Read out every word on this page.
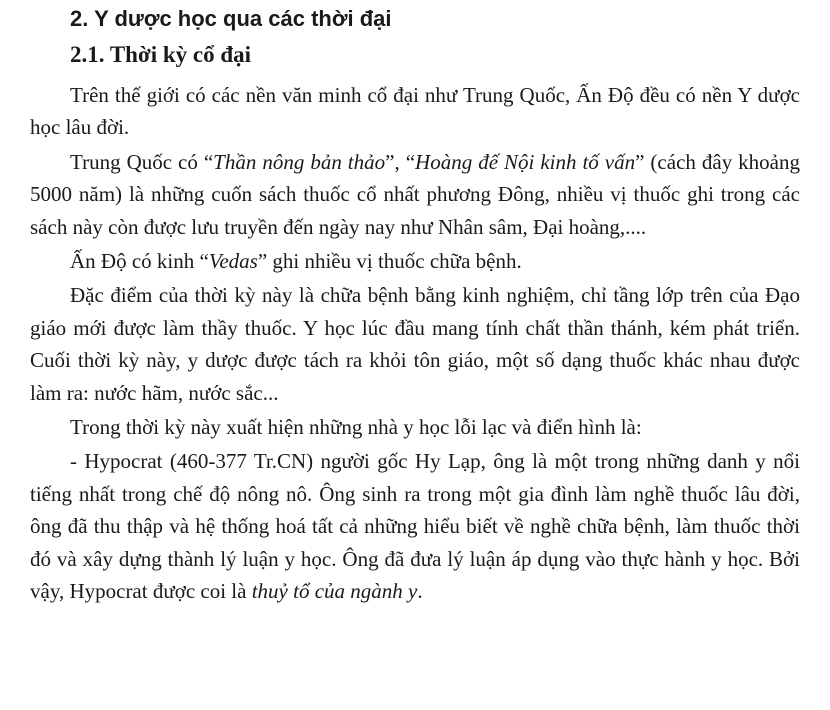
2. Y dược học qua các thời đại
2.1. Thời kỳ cổ đại

Trên thế giới có các nền văn minh cổ đại như Trung Quốc, Ấn Độ đều có nền Y dược học lâu đời.

Trung Quốc có “Thần nông bản thảo”, “Hoàng đế Nội kinh tố vấn” (cách đây khoảng 5000 năm) là những cuốn sách thuốc cổ nhất phương Đông, nhiều vị thuốc ghi trong các sách này còn được lưu truyền đến ngày nay như Nhân sâm, Đại hoàng,....

Ấn Độ có kinh “Vedas” ghi nhiều vị thuốc chữa bệnh.

Đặc điểm của thời kỳ này là chữa bệnh bằng kinh nghiệm, chỉ tầng lớp trên của Đạo giáo mới được làm thầy thuốc. Y học lúc đầu mang tính chất thần thánh, kém phát triển. Cuối thời kỳ này, y dược được tách ra khỏi tôn giáo, một số dạng thuốc khác nhau được làm ra: nước hãm, nước sắc...

Trong thời kỳ này xuất hiện những nhà y học lỗi lạc và điển hình là:

- Hypocrat (460-377 Tr.CN) người gốc Hy Lạp, ông là một trong những danh y nổi tiếng nhất trong chế độ nông nô. Ông sinh ra trong một gia đình làm nghề thuốc lâu đời, ông đã thu thập và hệ thống hoá tất cả những hiểu biết về nghề chữa bệnh, làm thuốc thời đó và xây dựng thành lý luận y học. Ông đã đưa lý luận áp dụng vào thực hành y học. Bởi vậy, Hypocrat được coi là thuỷ tổ của ngành y.
